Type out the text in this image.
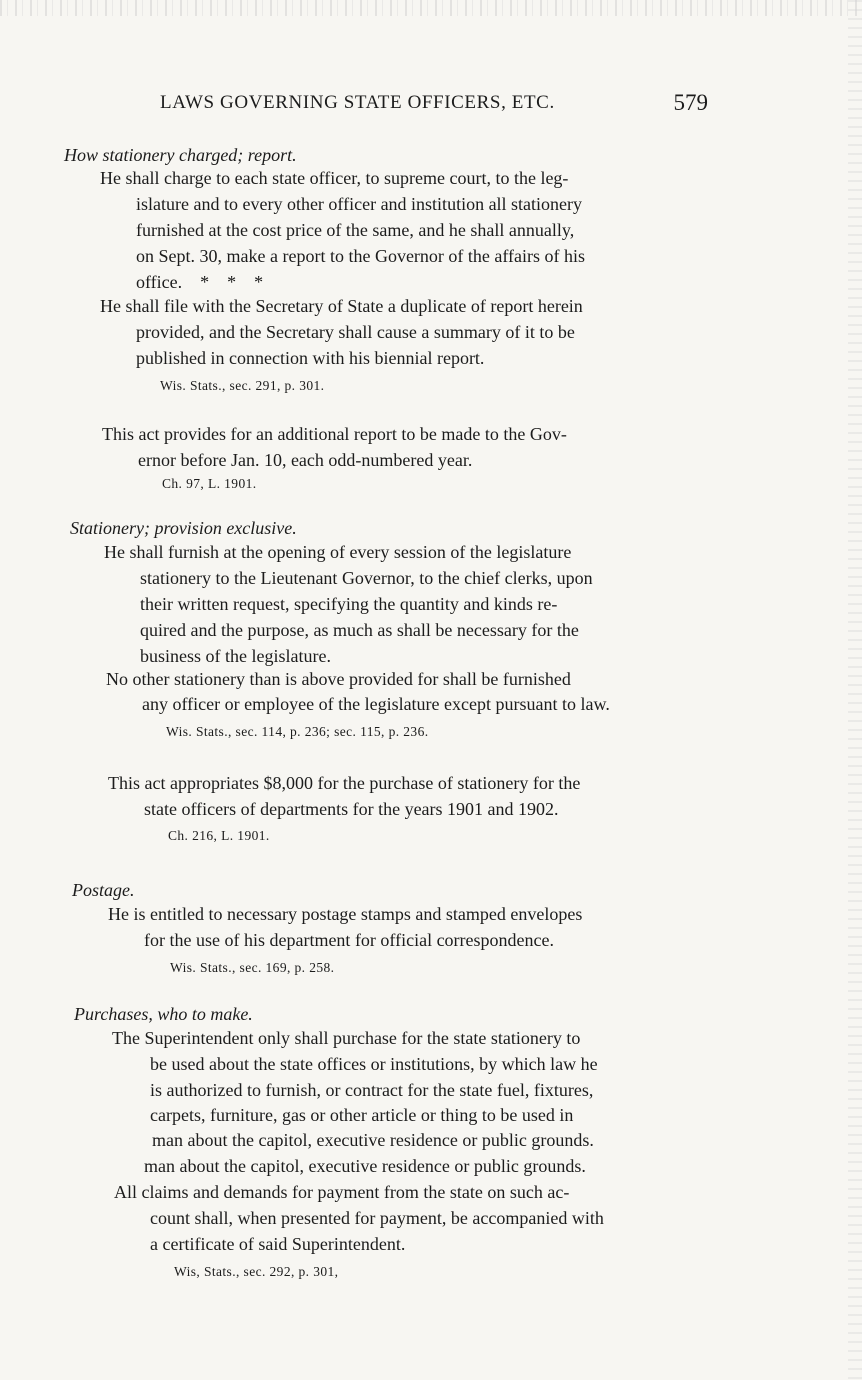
LAWS GOVERNING STATE OFFICERS, ETC.	579
How stationery charged; report.
He shall charge to each state officer, to supreme court, to the leg-
islature and to every other officer and institution all stationery
furnished at the cost price of the same, and he shall annually,
on Sept. 30, make a report to the Governor of the affairs of his
office.    *    *    *
He shall file with the Secretary of State a duplicate of report herein
provided, and the Secretary shall cause a summary of it to be
published in connection with his biennial report.
Wis. Stats., sec. 291, p. 301.
This act provides for an additional report to be made to the Gov-
ernor before Jan. 10, each odd-numbered year.
Ch. 97, L. 1901.
Stationery; provision exclusive.
He shall furnish at the opening of every session of the legislature
stationery to the Lieutenant Governor, to the chief clerks, upon
their written request, specifying the quantity and kinds re-
quired and the purpose, as much as shall be necessary for the
business of the legislature.
No other stationery than is above provided for shall be furnished
any officer or employee of the legislature except pursuant to law.
Wis. Stats., sec. 114, p. 236; sec. 115, p. 236.
This act appropriates $8,000 for the purchase of stationery for the
state officers of departments for the years 1901 and 1902.
Ch. 216, L. 1901.
Postage.
He is entitled to necessary postage stamps and stamped envelopes
for the use of his department for official correspondence.
Wis. Stats., sec. 169, p. 258.
Purchases, who to make.
The Superintendent only shall purchase for the state stationery to
be used about the state offices or institutions, by which law he
is authorized to furnish, or contract for the state fuel, fixtures,
carpets, furniture, gas or other article or thing to be used in
man about the capitol, executive residence or public grounds.
man about the capitol, executive residence or public grounds.
All claims and demands for payment from the state on such ac-
count shall, when presented for payment, be accompanied with
a certificate of said Superintendent.
Wis, Stats., sec. 292, p. 301,
